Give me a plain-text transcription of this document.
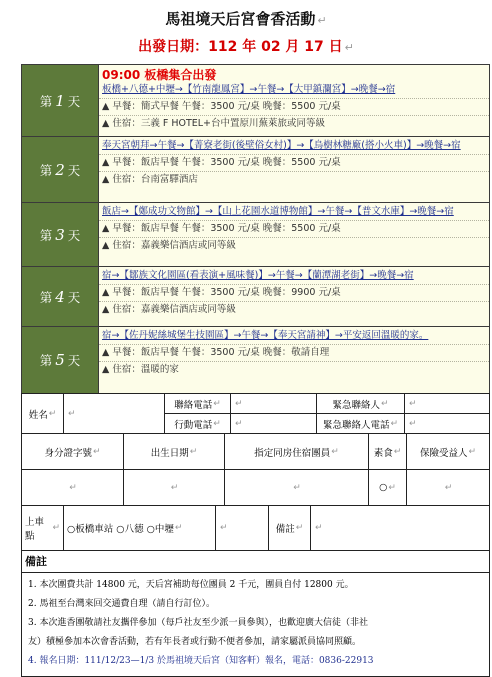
馬祖境天后宮會香活動 ↵
出發日期：112 年 02 月 17 日 ↵
第 1 天
09:00 板橋集合出發
板橋+八德+中壢→【竹南龍鳳宮】→午餐→【大甲鎮瀾宮】→晚餐→宿
▲ 早餐：簡式早餐 午餐：3500 元/桌 晚餐：5500 元/桌
▲ 住宿：三義 F HOTEL+台中置原川蕪萊旅或同等級
第 2 天
奉天宮朝拜→午餐→【菁寮老街(後壁俗女村)】→【烏樹林糖廠(搭小火車)】→晚餐→宿
▲ 早餐：飯店早餐 午餐：3500 元/桌 晚餐：5500 元/桌
▲ 住宿：台南富驛酒店
第 3 天
飯店→【鄭成功文物館】→【山上花園水道博物館】→午餐→【普文水庫】→晚餐→宿
▲ 早餐：飯店早餐 午餐：3500 元/桌 晚餐：5500 元/桌
▲ 住宿：嘉義樂信酒店或同等級
第 4 天
宿→【鄒族文化園區(看表演+風味餐)】→午餐→【蘭潭湖老街】→晚餐→宿
▲ 早餐：飯店早餐 午餐：3500 元/桌 晚餐：9900 元/桌
▲ 住宿：嘉義樂信酒店或同等級
第 5 天
宿→【佐丹妮絲城堡生技園區】→午餐→【奉天宮請神】→平安返回溫暖的家。
▲ 早餐：飯店早餐 午餐：3500 元/桌 晚餐：敬請自理
▲ 住宿：溫暖的家
姓名 ↵ ↵
聯絡電話 ↵ ↵
行動電話 ↵ ↵
緊急聯絡人 ↵ ↵
緊急聯絡人電話 ↵ ↵
身分證字號 ↵	出生日期 ↵	指定同房住宿團員 ↵	素食 ↵ 保險受益人 ↵
↵	↵	↵	○ ↵	↵
上車點
↵ ○板橋車站 ○八德 ○中壢 ↵	↵	備註 ↵ ↵
備註
1. 本次團費共計 14800 元，天后宮補助每位團員 2 千元，團員自付 12800 元。
2. 馬祖至台灣來回交通費自理（請自行訂位）。
3. 本次進香團敬請社友攜伴參加（每戶社友至少派一員參與），也歡迎廣大信徒（非社
友）積極參加本次會香活動，若有年長者或行動不便者參加，請家屬派員協同照顧。
4. 報名日期：111/12/23—1/3 於馬祖境天后宮（知客軒）報名，電話：0836-22913
